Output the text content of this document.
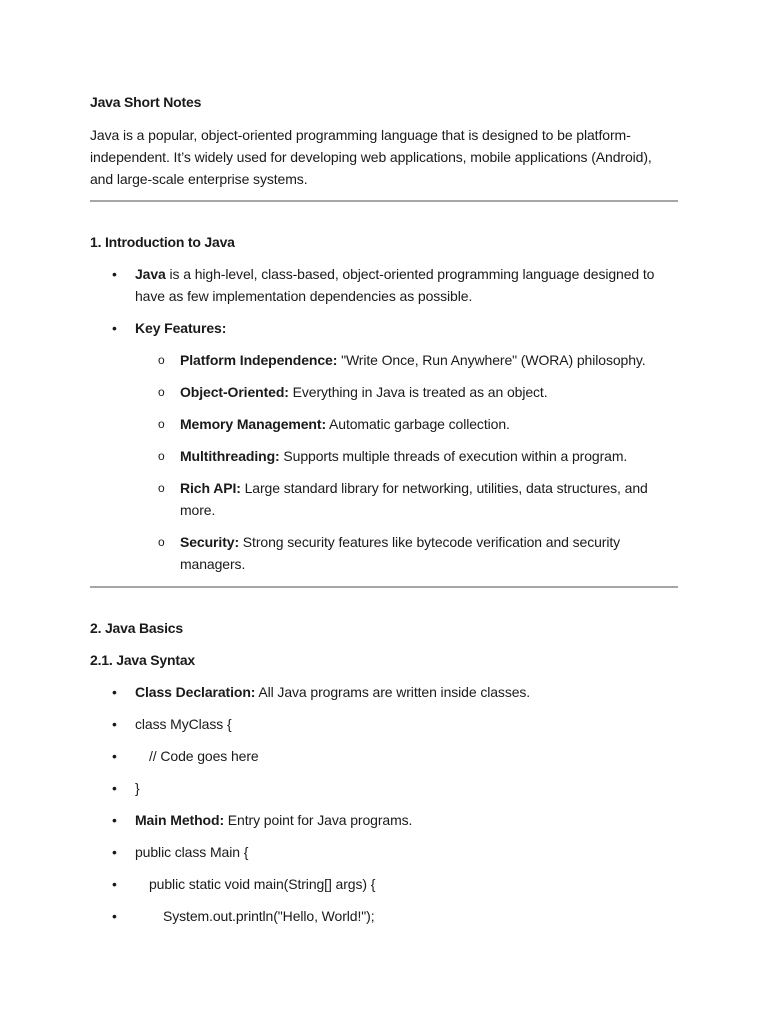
Java Short Notes
Java is a popular, object-oriented programming language that is designed to be platform-independent. It’s widely used for developing web applications, mobile applications (Android), and large-scale enterprise systems.
1. Introduction to Java
•	Java is a high-level, class-based, object-oriented programming language designed to have as few implementation dependencies as possible.
•	Key Features:
o Platform Independence: "Write Once, Run Anywhere" (WORA) philosophy.
o Object-Oriented: Everything in Java is treated as an object.
o Memory Management: Automatic garbage collection.
o Multithreading: Supports multiple threads of execution within a program.
o Rich API: Large standard library for networking, utilities, data structures, and more.
o Security: Strong security features like bytecode verification and security managers.
2. Java Basics
2.1. Java Syntax
•	Class Declaration: All Java programs are written inside classes.
•	class MyClass {
•	// Code goes here
•	}
•	Main Method: Entry point for Java programs.
•	public class Main {
•	public static void main(String[] args) {
•	System.out.println("Hello, World!");
